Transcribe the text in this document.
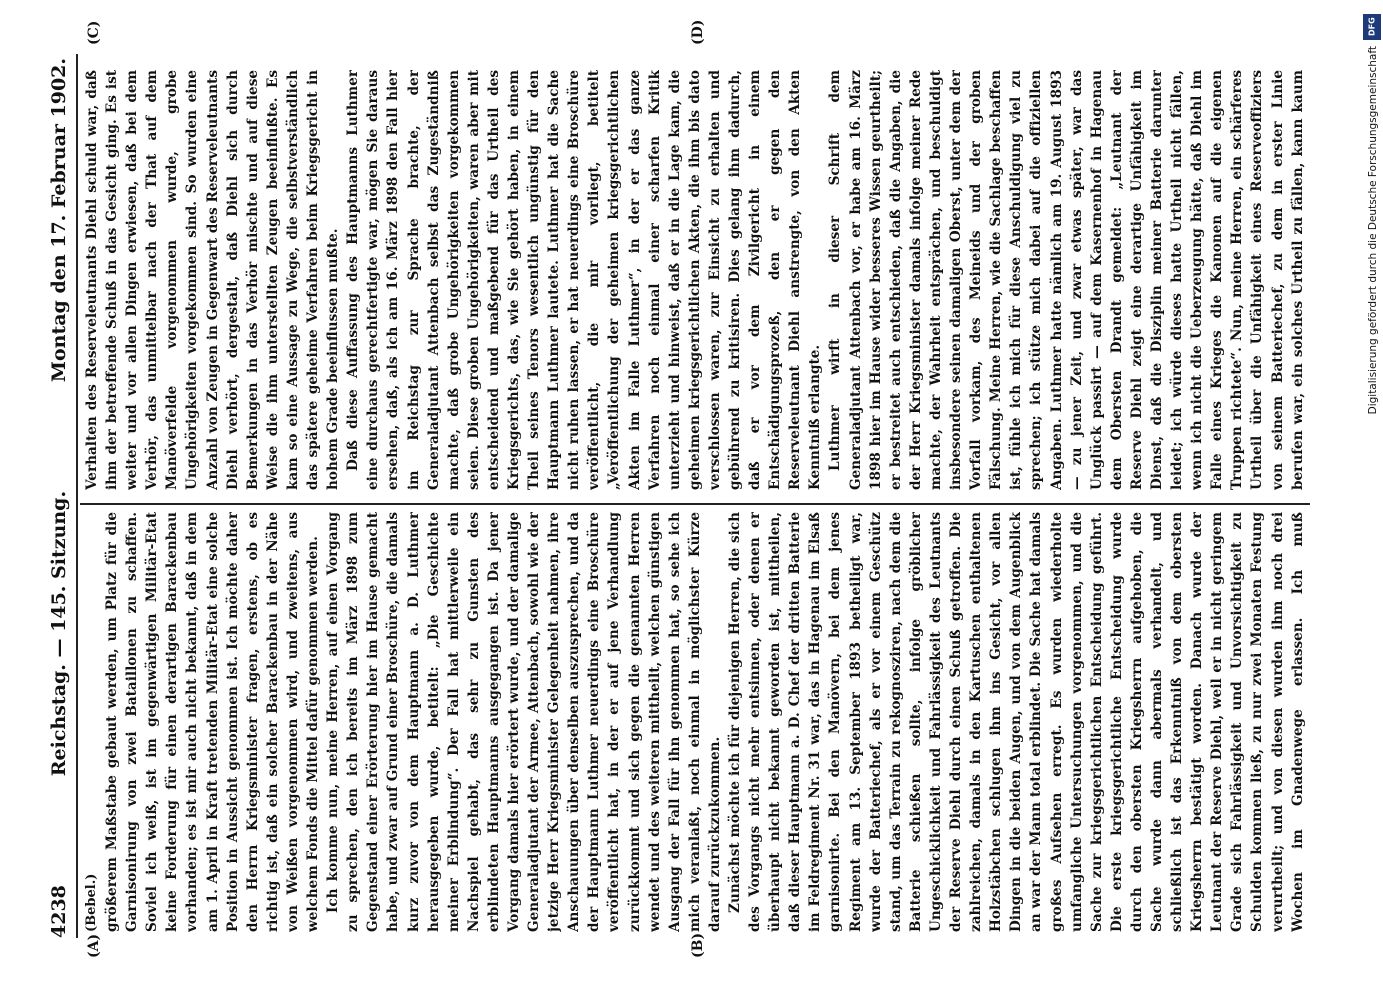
4238
Reichstag. — 145. Sitzung.
Montag den 17. Februar 1902.
(A)	(B)
(C)	(D)

(Bebel.) größerem Maßstabe gebaut werden, um Platz für die Garnisonirung von zwei Bataillonen zu schaffen. Soviel ich weiß, ist im gegenwärtigen Militär-Etat keine Forderung für einen derartigen Barackenbau vorhanden; es ist mir auch nicht bekannt, daß in dem am 1. April in Kraft tretenden Militär-Etat eine solche Position in Aussicht genommen ist. Ich möchte daher den Herrn Kriegsminister fragen, erstens, ob es richtig ist, daß ein solcher Barackenbau in der Nähe von Weißen vorgenommen wird, und zweitens, aus welchem Fonds die Mittel dafür genommen werden. Ich komme nun, meine Herren, auf einen Vorgang zu sprechen, den ich bereits im März 1898 zum Gegenstand einer Erörterung hier im Hause gemacht habe, und zwar auf Grund einer Broschüre, die damals kurz zuvor von dem Hauptmann a. D. Luthmer herausgegeben wurde, betitelt: „Die Geschichte meiner Erblindung“. Der Fall hat mittlerweile ein Nachspiel gehabt, das sehr zu Gunsten des erblindeten Hauptmanns ausgegangen ist. Da jener Vorgang damals hier erörtert wurde, und der damalige Generaladjutant der Armee, Attenbach, sowohl wie der jetzige Herr Kriegsminister Gelegenheit nahmen, ihre Anschauungen über denselben auszusprechen, und da der Hauptmann Luthmer neuerdings eine Broschüre veröffentlicht hat, in der er auf jene Verhandlung zurückkommt und sich gegen die genannten Herren wendet und des weiteren mittheilt, welchen günstigen Ausgang der Fall für ihn genommen hat, so sehe ich mich veranlaßt, noch einmal in möglichster Kürze darauf zurückzukommen. Zunächst möchte ich für diejenigen Herren, die sich des Vorgangs nicht mehr entsinnen, oder denen er überhaupt nicht bekannt geworden ist, mittheilen, daß dieser Hauptmann a. D. Chef der dritten Batterie im Feldregiment Nr. 31 war, das in Hagenau im Elsaß garnisonirte. Bei den Manövern, bei dem jenes Regiment am 13. September 1893 betheiligt war, wurde der Batteriechef, als er vor einem Geschütz stand, um das Terrain zu rekognosziren, nach dem die Batterie schießen sollte, infolge gröblicher Ungeschicklichkeit und Fahrlässigkeit des Leutnants der Reserve Diehl durch einen Schuß getroffen. Die zahlreichen, damals in den Kartuschen enthaltenen Holzstäbchen schlugen ihm ins Gesicht, vor allen Dingen in die beiden Augen, und von dem Augenblick an war der Mann total erblindet. Die Sache hat damals großes Aufsehen erregt. Es wurden wiederholte umfangliche Untersuchungen vorgenommen, und die Sache zur kriegsgerichtlichen Entscheidung geführt. Die erste kriegsgerichtliche Entscheidung wurde durch den obersten Kriegsherrn aufgehoben, die Sache wurde dann abermals verhandelt, und schließlich ist das Erkenntniß von dem obersten Kriegsherrn bestätigt worden. Danach wurde der Leutnant der Reserve Diehl, weil er in nicht geringem Grade sich Fahrlässigkeit und Unvorsichtigkeit zu Schulden kommen ließ, zu nur zwei Monaten Festung verurtheilt; und von diesen wurden ihm noch drei Wochen im Gnadenwege erlassen. Ich muß

Verhalten des Reserveleutnants Diehl schuld war, daß ihm der betreffende Schuß in das Gesicht ging. Es ist weiter und vor allen Dingen erwiesen, daß bei dem Verhör, das unmittelbar nach der That auf dem Manöverfelde vorgenommen wurde, grobe Ungehörigkeiten vorgekommen sind. So wurden eine Anzahl von Zeugen in Gegenwart des Reserveleutnants Diehl verhört, dergestalt, daß Diehl sich durch Bemerkungen in das Verhör mischte und auf diese Weise die ihm unterstellten Zeugen beeinflußte. Es kam so eine Aussage zu Wege, die selbstverständlich das spätere geheime Verfahren beim Kriegsgericht in hohem Grade beeinflussen mußte. Daß diese Auffassung des Hauptmanns Luthmer eine durchaus gerechtfertigte war, mögen Sie daraus ersehen, daß, als ich am 16. März 1898 den Fall hier im Reichstag zur Sprache brachte, der Generaladjutant Attenbach selbst das Zugeständniß machte, daß grobe Ungehörigkeiten vorgekommen seien. Diese groben Ungehörigkeiten, waren aber mit entscheidend und maßgebend für das Urtheil des Kriegsgerichts, das, wie Sie gehört haben, in einem Theil seines Tenors wesentlich ungünstig für den Hauptmann Luthmer lautete. Luthmer hat die Sache nicht ruhen lassen, er hat neuerdings eine Broschüre veröffentlicht, die mir vorliegt, betitelt „Veröffentlichung der geheimen kriegsgerichtlichen Akten im Falle Luthmer“, in der er das ganze Verfahren noch einmal einer scharfen Kritik unterzieht und hinweist, daß er in die Lage kam, die geheimen kriegsgerichtlichen Akten, die ihm bis dato verschlossen waren, zur Einsicht zu erhalten und gebührend zu kritisiren. Dies gelang ihm dadurch, daß er vor dem Zivilgericht in einem Entschädigungsprozeß, den er gegen den Reserveleutnant Diehl anstrengte, von den Akten Kenntniß erlangte. Luthmer wirft in dieser Schrift dem Generaladjutant Attenbach vor, er habe am 16. März 1898 hier im Hause wider besseres Wissen geurtheilt; er bestreitet auch entschieden, daß die Angaben, die der Herr Kriegsminister damals infolge meiner Rede machte, der Wahrheit entsprächen, und beschuldigt insbesondere seinen damaligen Oberst, unter dem der Vorfall vorkam, des Meineids und der groben Fälschung. Meine Herren, wie die Sachlage beschaffen ist, fühle ich mich für diese Anschuldigung viel zu sprechen; ich stütze mich dabei auf die offiziellen Angaben. Luthmer hatte nämlich am 19. August 1893 — zu jener Zeit, und zwar etwas später, war das Unglück passirt — auf dem Kasernenhof in Hagenau dem Obersten Drandt gemeldet: „Leutnant der Reserve Diehl zeigt eine derartige Unfähigkeit im Dienst, daß die Disziplin meiner Batterie darunter leidet; ich würde dieses hatte Urtheil nicht fällen, wenn ich nicht die Ueberzeugung hätte, daß Diehl im Falle eines Krieges die Kanonen auf die eigenen Truppen richtete“. Nun, meine Herren, ein schärferes Urtheil über die Unfähigkeit eines Reserveoffiziers von seinem Batteriechef, zu dem in erster Linie berufen war, ein solches Urtheil zu fällen, kann kaum

DFG
Digitalisierung gefördert durch die Deutsche Forschungsgemeinschaft
